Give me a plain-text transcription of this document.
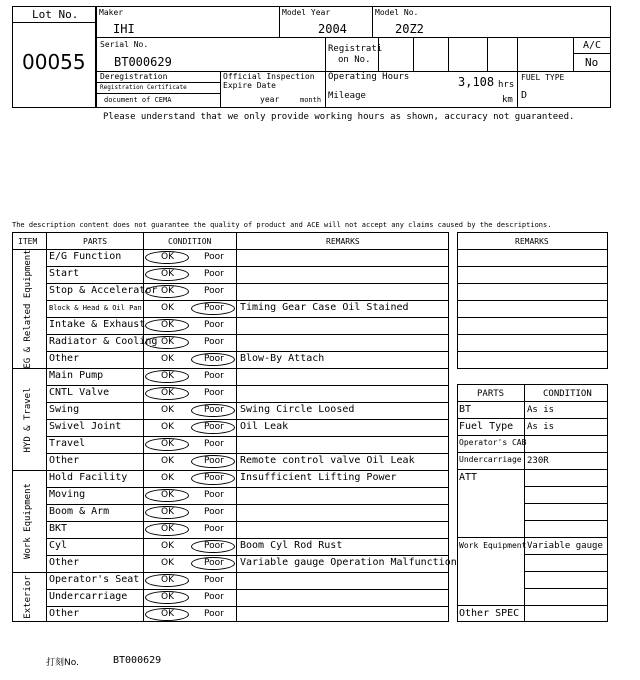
Lot No.
00055
Maker
IHI
Model Year
2004
Model No.
20Z2
Serial No.
BT000629
Registrati
on No.
A/C
No
Deregistration
Registration Certificate
document of CEMA
Official Inspection
Expire Date
year	month
Operating Hours	3,108 hrs
Mileage	km
FUEL TYPE
D
Please understand that we only provide working hours as shown, accuracy not guaranteed.
The description content does not guarantee the quality of product and ACE will not accept any claims caused by the descriptions.
ITEM	PARTS	CONDITION	REMARKS
EG & Related Equipment
HYD & Travel
Work Equipment
Exterior
E/G Function	OK	Poor
Start	OK	Poor
Stop & Accelerator OK	Poor
Block & Head & Oil Pan OK	Poor Timing Gear Case Oil Stained
Intake & Exhaust OK	Poor
Radiator & Cooling OK	Poor
Other	OK	Poor Blow-By Attach
Main Pump	OK	Poor
CNTL Valve	OK	Poor
Swing	OK	Poor Swing Circle Loosed
Swivel Joint	OK	Poor Oil Leak
Travel	OK	Poor
Other	OK	Poor Remote control valve Oil Leak
Hold Facility	OK	Poor Insufficient Lifting Power
Moving	OK	Poor
Boom & Arm	OK	Poor
BKT	OK	Poor
Cyl	OK	Poor Boom Cyl Rod Rust
Other	OK	Poor Variable gauge Operation Malfunction
Operator's Seat OK	Poor
Undercarriage	OK	Poor
Other	OK	Poor
REMARKS
PARTS	CONDITION
BT	As is
Fuel Type As is
Operator's CAB
Undercarriage 230R
ATT
Work Equipment Variable gauge
Other SPEC
打刻No.	BT000629
